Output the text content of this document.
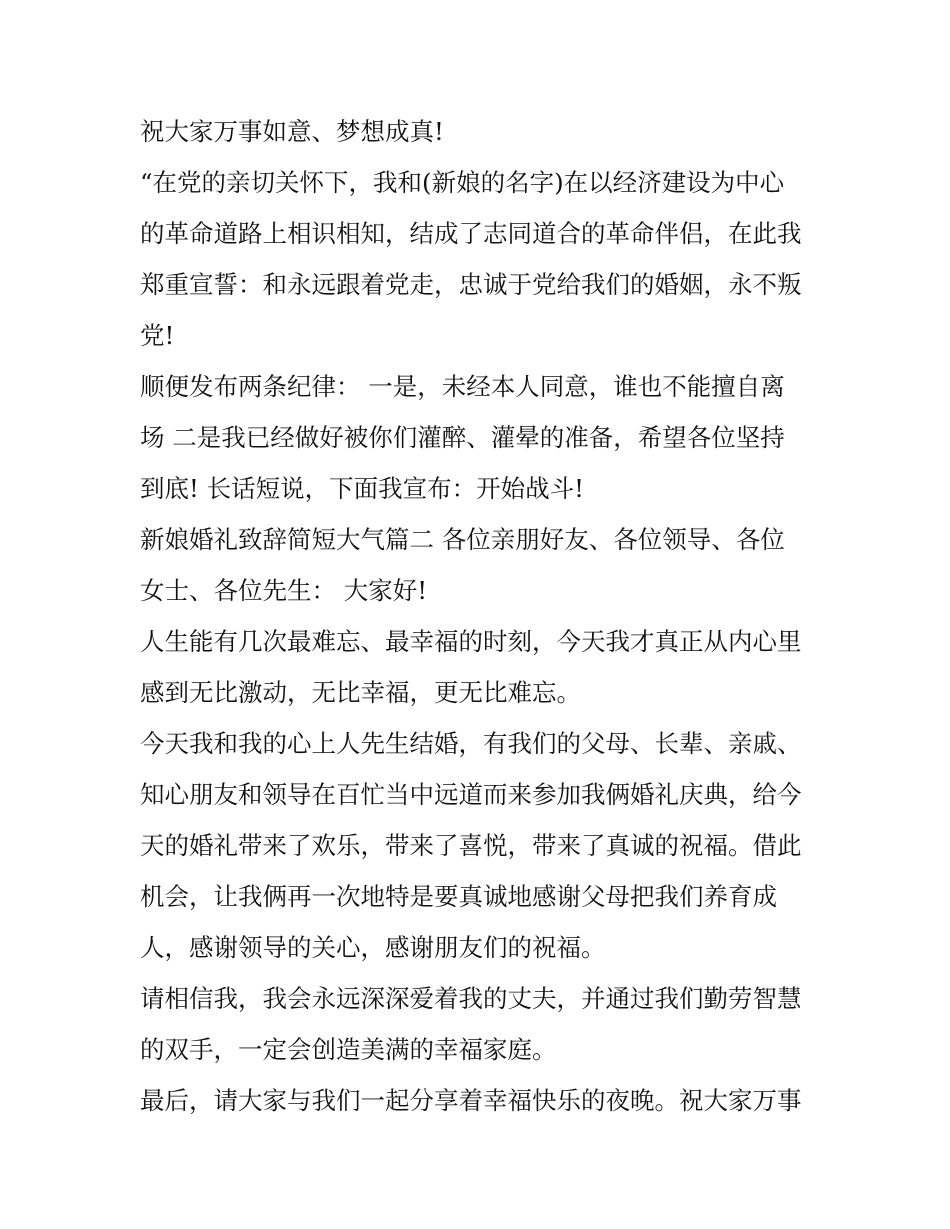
祝大家万事如意、梦想成真!
“在党的亲切关怀下，我和(新娘的名字)在以经济建设为中心
的革命道路上相识相知，结成了志同道合的革命伴侣，在此我
郑重宣誓：和永远跟着党走，忠诚于党给我们的婚姻，永不叛
党!
顺便发布两条纪律： 一是，未经本人同意，谁也不能擅自离
场 二是我已经做好被你们灌醉、灌晕的准备，希望各位坚持
到底! 长话短说，下面我宣布：开始战斗!
新娘婚礼致辞简短大气篇二 各位亲朋好友、各位领导、各位
女士、各位先生： 大家好!
人生能有几次最难忘、最幸福的时刻，今天我才真正从内心里
感到无比激动，无比幸福，更无比难忘。
今天我和我的心上人先生结婚，有我们的父母、长辈、亲戚、
知心朋友和领导在百忙当中远道而来参加我俩婚礼庆典，给今
天的婚礼带来了欢乐，带来了喜悦，带来了真诚的祝福。借此
机会，让我俩再一次地特是要真诚地感谢父母把我们养育成
人，感谢领导的关心，感谢朋友们的祝福。
请相信我，我会永远深深爱着我的丈夫，并通过我们勤劳智慧
的双手，一定会创造美满的幸福家庭。
最后，请大家与我们一起分享着幸福快乐的夜晚。祝大家万事
